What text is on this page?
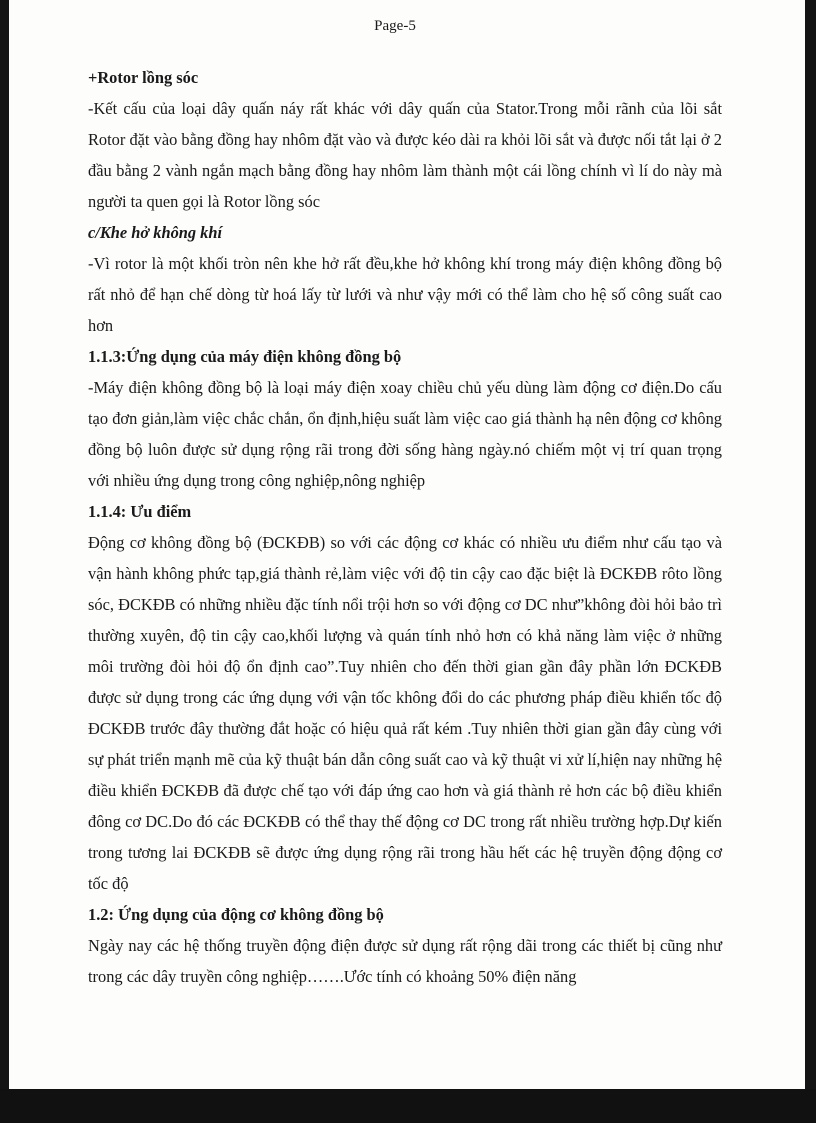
Page-5
+Rotor lồng sóc

-Kết cấu của loại dây quấn náy rất khác với dây quấn của Stator.Trong mỗi rãnh của lõi sắt Rotor đặt vào bằng đồng hay nhôm đặt vào và được kéo dài ra khỏi lõi sắt và được nối tắt lại ở 2 đầu bằng 2 vành ngắn mạch bằng đồng hay nhôm làm thành một cái lồng chính vì lí do này mà người ta quen gọi là Rotor lồng sóc

c/Khe hở không khí

-Vì rotor là một khối tròn nên khe hở rất đều,khe hở không khí trong máy điện không đồng bộ rất nhỏ để hạn chế dòng từ hoá lấy từ lưới và như vậy mới có thể làm cho hệ số công suất cao hơn

1.1.3:Ứng dụng của máy điện không đồng bộ

-Máy điện không đồng bộ là loại máy điện xoay chiều chủ yếu dùng làm động cơ điện.Do cấu tạo đơn giản,làm việc chắc chắn, ổn định,hiệu suất làm việc cao giá thành hạ nên động cơ không đồng bộ luôn được sử dụng rộng rãi trong đời sống hàng ngày.nó chiếm một vị trí quan trọng với nhiều ứng dụng trong công nghiệp,nông nghiệp

1.1.4: Ưu điểm

Động cơ không đồng bộ (ĐCKĐB) so với các động cơ khác có nhiều ưu điểm như cấu tạo và vận hành không phức tạp,giá thành rẻ,làm việc với độ tin cậy cao đặc biệt là ĐCKĐB rôto lồng sóc, ĐCKĐB có những nhiều đặc tính nổi trội hơn so với động cơ DC như”không đòi hỏi bảo trì thường xuyên, độ tin cậy cao,khối lượng và quán tính nhỏ hơn có khả năng làm việc ở những môi trường đòi hỏi độ ổn định cao”.Tuy nhiên cho đến thời gian gần đây phần lớn ĐCKĐB được sử dụng trong các ứng dụng với vận tốc không đổi do các phương pháp điều khiển tốc độ ĐCKĐB trước đây thường đắt hoặc có hiệu quả rất kém .Tuy nhiên thời gian gần đây cùng với sự phát triển mạnh mẽ của kỹ thuật bán dẫn công suất cao và kỹ thuật vi xử lí,hiện nay những hệ điều khiển ĐCKĐB đã được chế tạo với đáp ứng cao hơn và giá thành rẻ hơn các bộ điều khiển đông cơ DC.Do đó các ĐCKĐB có thể thay thế động cơ DC trong rất nhiều trường hợp.Dự kiến trong tương lai ĐCKĐB sẽ được ứng dụng rộng rãi trong hầu hết các hệ truyền động động cơ tốc độ

1.2: Ứng dụng của động cơ không đồng bộ

Ngày nay các hệ thống truyền động điện được sử dụng rất rộng dãi trong các thiết bị cũng như trong các dây truyền công nghiệp…….Ước tính có khoảng 50% điện năng
